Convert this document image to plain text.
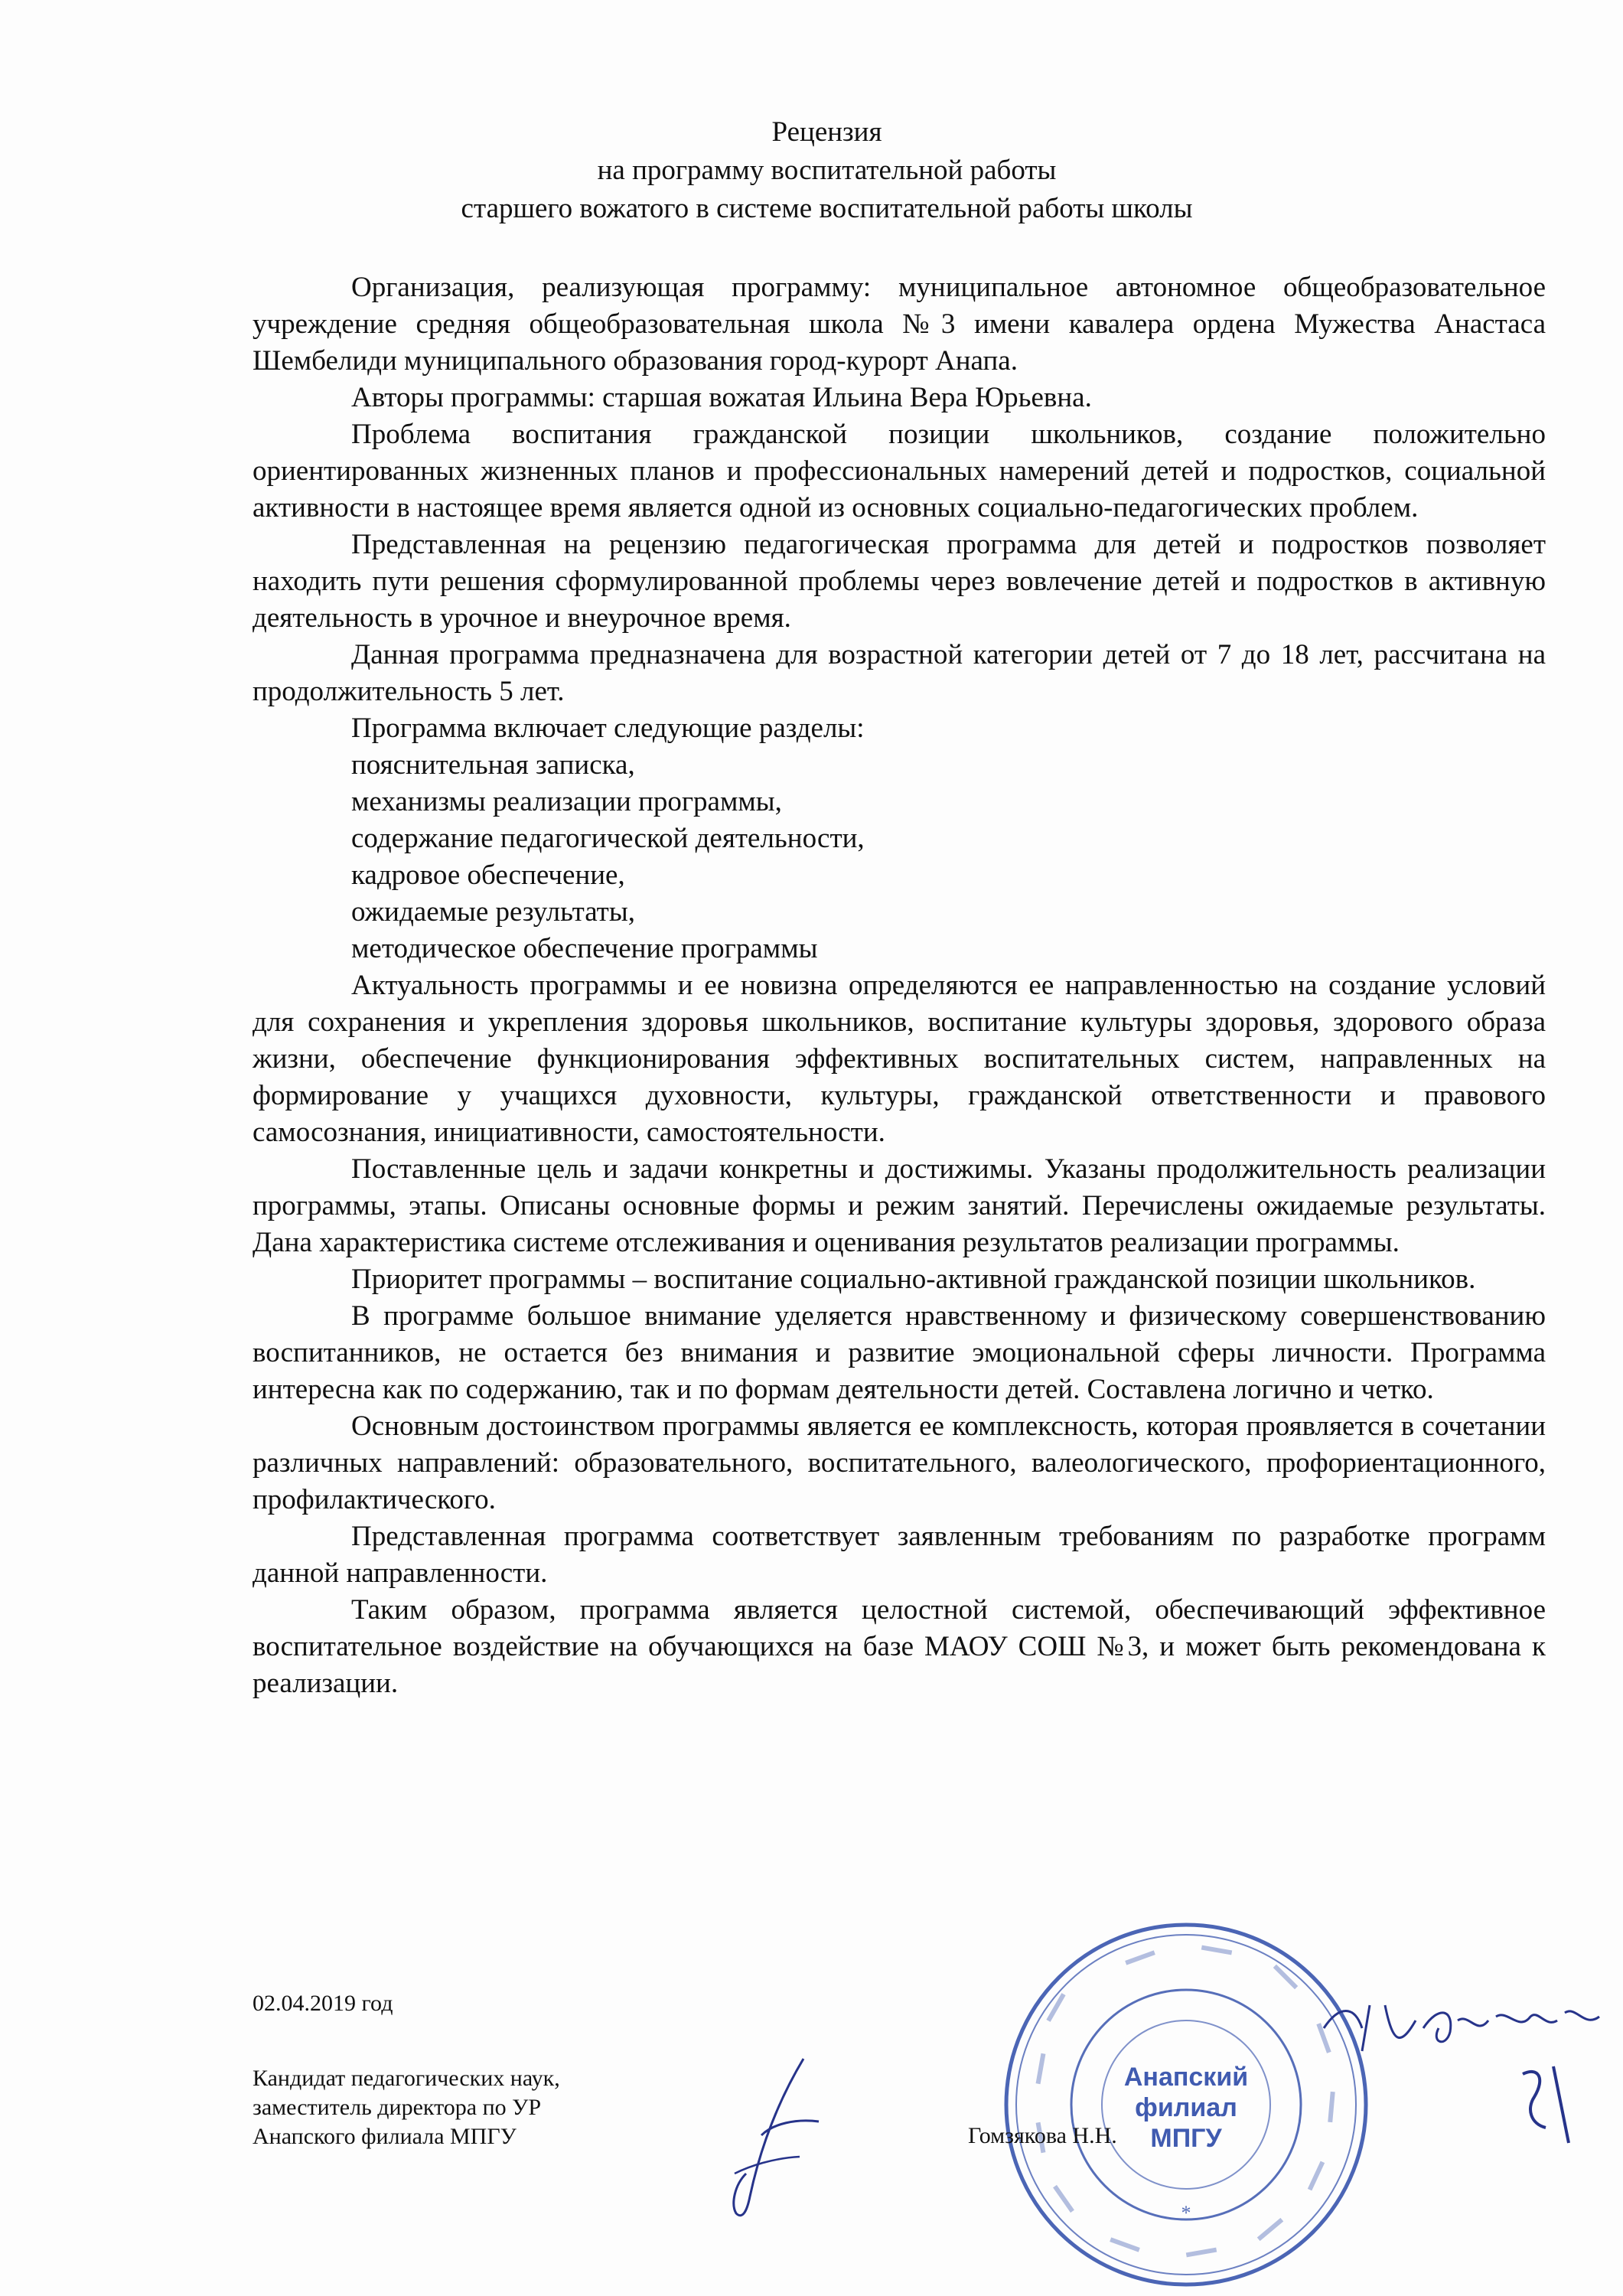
Рецензия
на программу воспитательной работы
старшего вожатого в системе воспитательной работы школы

Организация, реализующая программу: муниципальное автономное общеобразовательное учреждение средняя общеобразовательная школа №3 имени кавалера ордена Мужества Анастаса Шембелиди муниципального образования город-курорт Анапа.

Авторы программы: старшая вожатая Ильина Вера Юрьевна.

Проблема воспитания гражданской позиции школьников, создание положительно ориентированных жизненных планов и профессиональных намерений детей и подростков, социальной активности в настоящее время является одной из основных социально-педагогических проблем.

Представленная на рецензию педагогическая программа для детей и подростков позволяет находить пути решения сформулированной проблемы через вовлечение детей и подростков в активную деятельность в урочное и внеурочное время.

Данная программа предназначена для возрастной категории детей от 7 до 18 лет, рассчитана на продолжительность 5 лет.

Программа включает следующие разделы:

пояснительная записка,
механизмы реализации программы,
содержание педагогической деятельности,
кадровое обеспечение,
ожидаемые результаты,
методическое обеспечение программы

Актуальность программы и ее новизна определяются ее направленностью на создание условий для сохранения и укрепления здоровья школьников, воспитание культуры здоровья, здорового образа жизни, обеспечение функционирования эффективных воспитательных систем, направленных на формирование у учащихся духовности, культуры, гражданской ответственности и правового самосознания, инициативности, самостоятельности.

Поставленные цель и задачи конкретны и достижимы. Указаны продолжительность реализации программы, этапы. Описаны основные формы и режим занятий. Перечислены ожидаемые результаты. Дана характеристика системе отслеживания и оценивания результатов реализации программы.

Приоритет программы – воспитание социально-активной гражданской позиции школьников.

В программе большое внимание уделяется нравственному и физическому совершенствованию воспитанников, не остается без внимания и развитие эмоциональной сферы личности. Программа интересна как по содержанию, так и по формам деятельности детей. Составлена логично и четко.

Основным достоинством программы является ее комплексность, которая проявляется в сочетании различных направлений: образовательного, воспитательного, валеологического, профориентационного, профилактического.

Представленная программа соответствует заявленным требованиям по разработке программ данной направленности.

Таким образом, программа является целостной системой, обеспечивающий эффективное воспитательное воздействие на обучающихся на базе МАОУ СОШ №3, и может быть рекомендована к реализации.

02.04.2019 год
Кандидат педагогических наук,
заместитель директора по УР
Анапского филиала МПГУ
Анапский
филиал
МПГУ
*
Гомзякова Н.Н.
